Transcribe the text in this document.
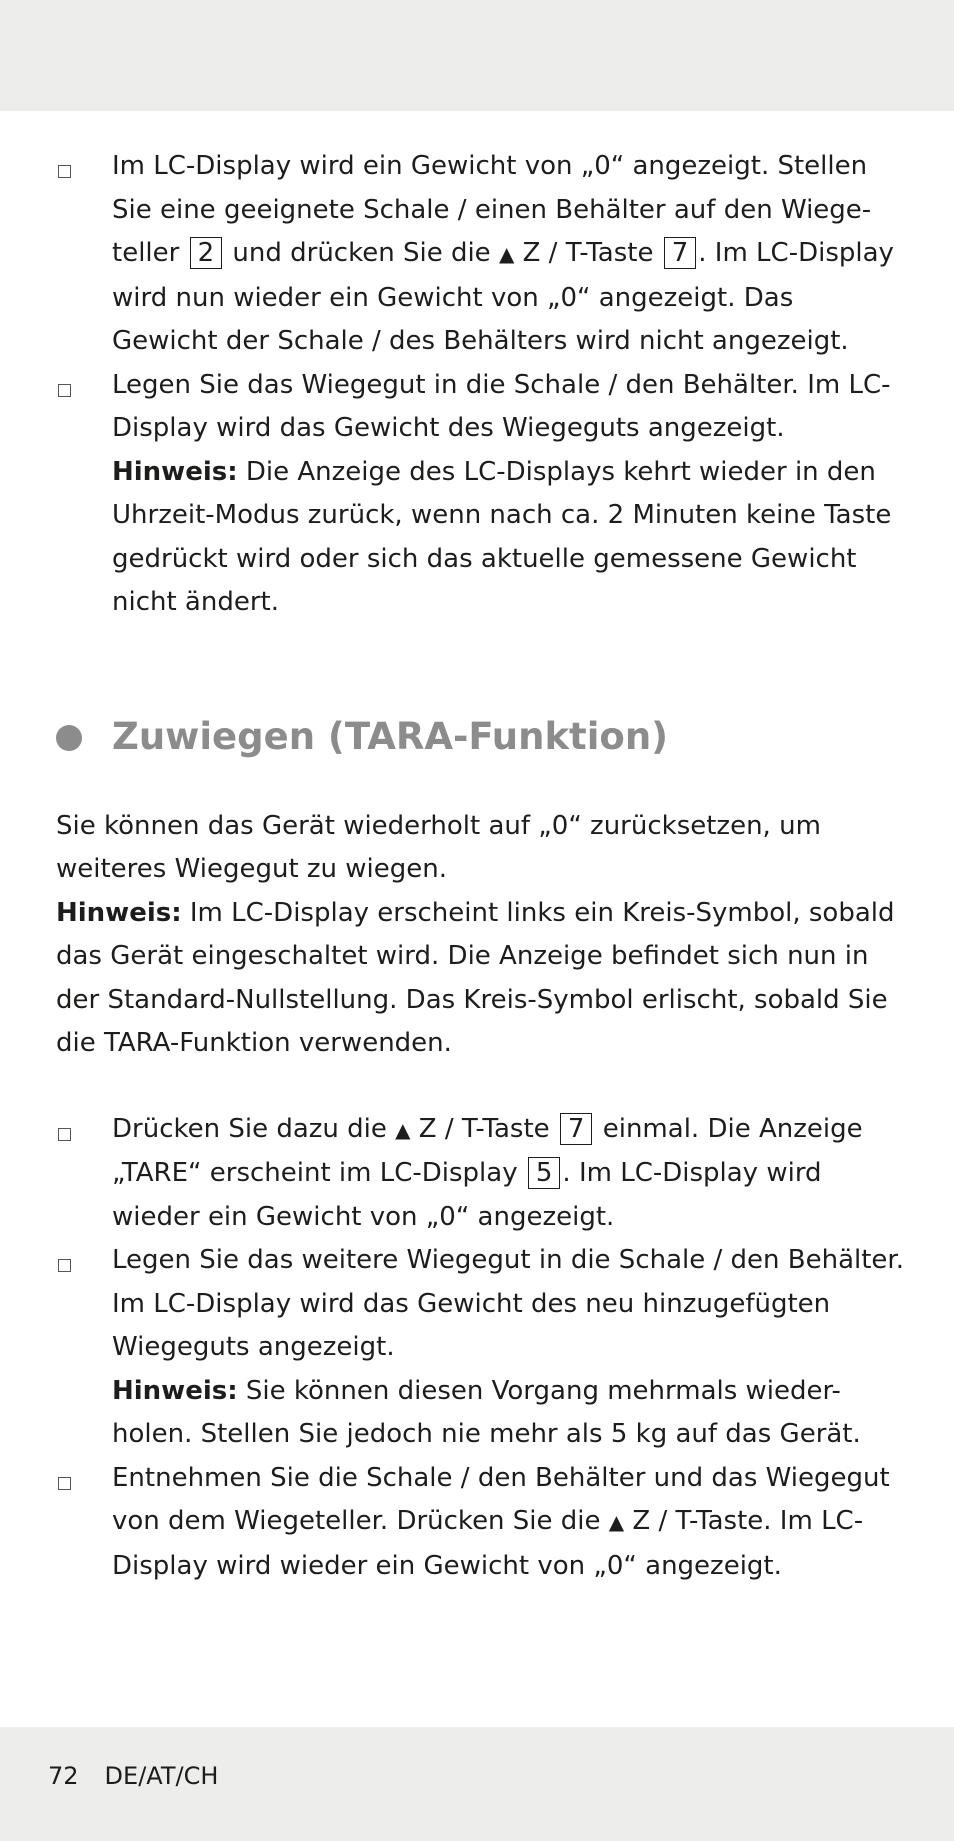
Im LC-Display wird ein Gewicht von „0“ angezeigt. Stellen Sie eine geeignete Schale / einen Behälter auf den Wiege-teller 2 und drücken Sie die ▲ Z / T-Taste 7 . Im LC-Display wird nun wieder ein Gewicht von „0“ angezeigt. Das Gewicht der Schale / des Behälters wird nicht angezeigt.
Legen Sie das Wiegegut in die Schale / den Behälter. Im LC-Display wird das Gewicht des Wiegeguts angezeigt.
Hinweis: Die Anzeige des LC-Displays kehrt wieder in den Uhrzeit-Modus zurück, wenn nach ca. 2 Minuten keine Taste gedrückt wird oder sich das aktuelle gemessene Gewicht nicht ändert.
Zuwiegen (TARA-Funktion)

Sie können das Gerät wiederholt auf „0“ zurücksetzen, um weiteres Wiegegut zu wiegen.

Hinweis: Im LC-Display erscheint links ein Kreis-Symbol, sobald das Gerät eingeschaltet wird. Die Anzeige befindet sich nun in der Standard-Nullstellung. Das Kreis-Symbol erlischt, sobald Sie die TARA-Funktion verwenden.

Drücken Sie dazu die ▲ Z / T-Taste 7 einmal. Die Anzeige „TARE“ erscheint im LC-Display 5 . Im LC-Display wird wieder ein Gewicht von „0“ angezeigt.
Legen Sie das weitere Wiegegut in die Schale / den Behälter. Im LC-Display wird das Gewicht des neu hinzugefügten Wiegeguts angezeigt.
Hinweis: Sie können diesen Vorgang mehrmals wieder-holen. Stellen Sie jedoch nie mehr als 5 kg auf das Gerät.
Entnehmen Sie die Schale / den Behälter und das Wiegegut von dem Wiegeteller. Drücken Sie die ▲ Z / T-Taste. Im LC-Display wird wieder ein Gewicht von „0“ angezeigt.
72 DE/AT/CH
